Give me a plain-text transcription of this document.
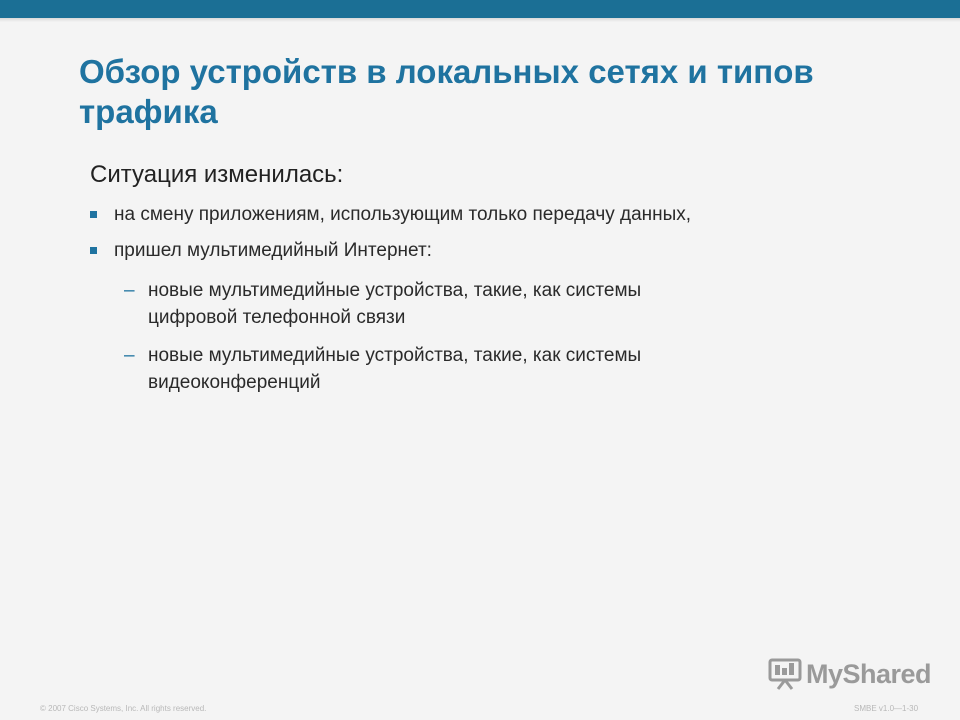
Обзор устройств в локальных сетях и типов трафика

Ситуация изменилась:

на смену приложениям, использующим только передачу данных,
пришел мультимедийный Интернет:
– новые мультимедийные устройства, такие, как системы
цифровой телефонной связи
– новые мультимедийные устройства, такие, как системы
видеоконференций
MyShared
© 2007 Cisco Systems, Inc. All rights reserved.	SMBE v1.0—1-30
